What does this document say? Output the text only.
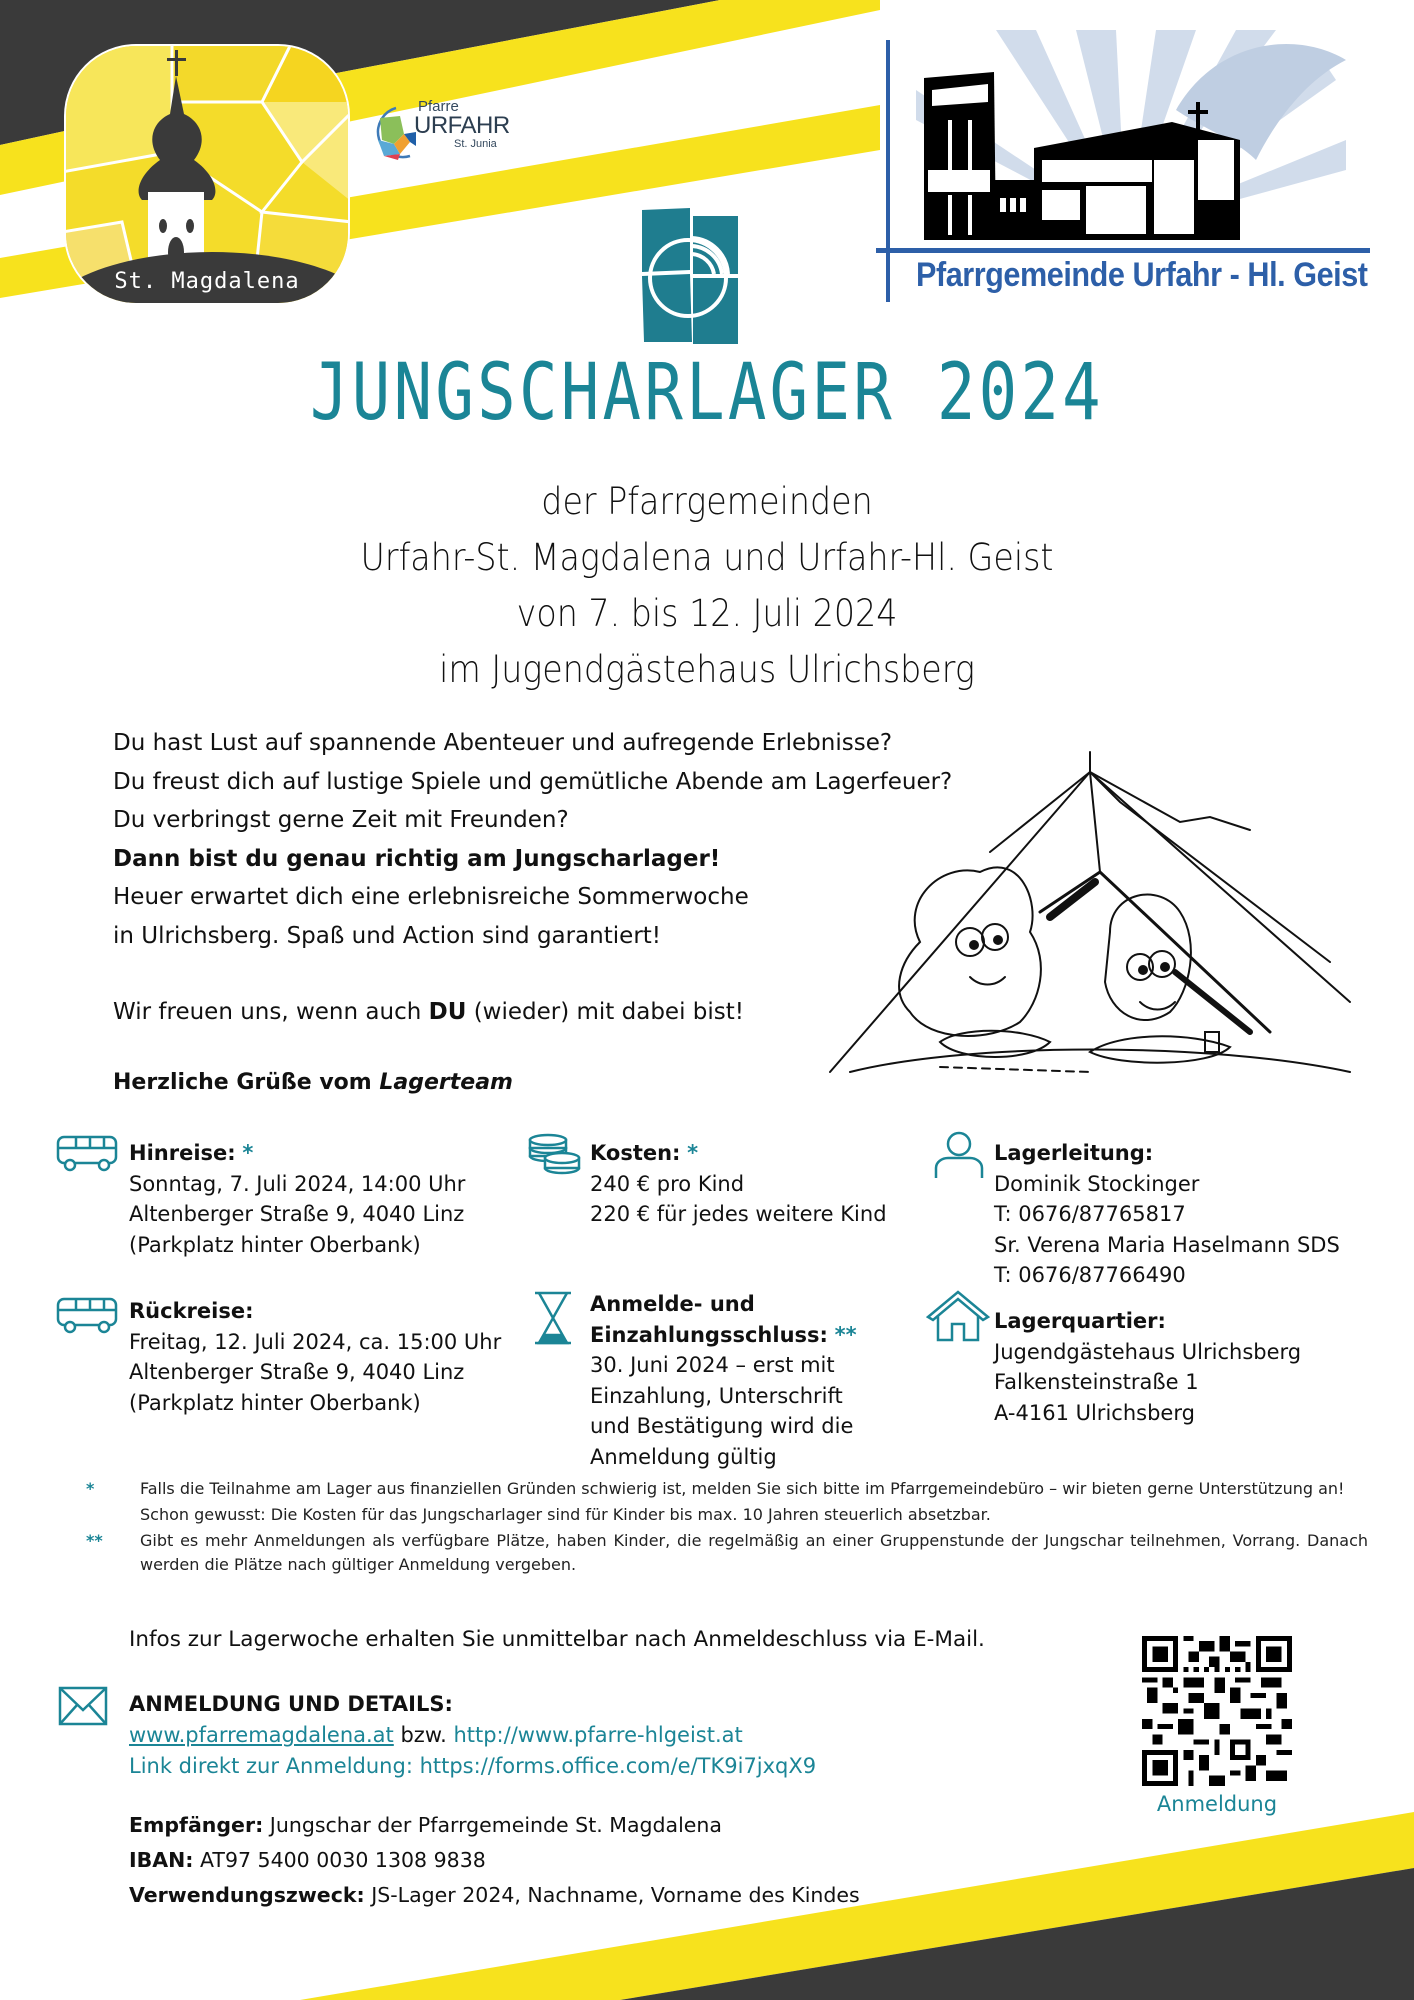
St. Magdalena
Pfarre
URFAHR
St. Junia
Pfarrgemeinde Urfahr - Hl. Geist
JUNGSCHARLAGER 2024
der Pfarrgemeinden
Urfahr-St. Magdalena und Urfahr-Hl. Geist
von 7. bis 12. Juli 2024
im Jugendgästehaus Ulrichsberg

Du hast Lust auf spannende Abenteuer und aufregende Erlebnisse?

Du freust dich auf lustige Spiele und gemütliche Abende am Lagerfeuer?

Du verbringst gerne Zeit mit Freunden?

Dann bist du genau richtig am Jungscharlager!

Heuer erwartet dich eine erlebnisreiche Sommerwoche

in Ulrichsberg. Spaß und Action sind garantiert!

Wir freuen uns, wenn auch DU (wieder) mit dabei bist!

Herzliche Grüße vom Lagerteam
Hinreise: *
Sonntag, 7. Juli 2024, 14:00 Uhr
Altenberger Straße 9, 4040 Linz
(Parkplatz hinter Oberbank)
Rückreise:
Freitag, 12. Juli 2024, ca. 15:00 Uhr
Altenberger Straße 9, 4040 Linz
(Parkplatz hinter Oberbank)
Kosten: *
240 € pro Kind
220 € für jedes weitere Kind
Anmelde- und
Einzahlungsschluss: **
30. Juni 2024 – erst mit
Einzahlung, Unterschrift
und Bestätigung wird die
Anmeldung gültig
Lagerleitung:
Dominik Stockinger
T: 0676/87765817
Sr. Verena Maria Haselmann SDS
T: 0676/87766490
Lagerquartier:
Jugendgästehaus Ulrichsberg
Falkensteinstraße 1
A-4161 Ulrichsberg
*	Falls die Teilnahme am Lager aus finanziellen Gründen schwierig ist, melden Sie sich bitte im Pfarrgemeindebüro – wir bieten gerne Unterstützung an!
Schon gewusst: Die Kosten für das Jungscharlager sind für Kinder bis max. 10 Jahren steuerlich absetzbar.
**	Gibt es mehr Anmeldungen als verfügbare Plätze, haben Kinder, die regelmäßig an einer Gruppenstunde der Jungschar teilnehmen, Vorrang. Danach werden die Plätze nach gültiger Anmeldung vergeben.
Infos zur Lagerwoche erhalten Sie unmittelbar nach Anmeldeschluss via E-Mail.
ANMELDUNG UND DETAILS:
www.pfarremagdalena.at bzw. http://www.pfarre-hlgeist.at
Link direkt zur Anmeldung: https://forms.office.com/e/TK9i7jxqX9
Anmeldung
Empfänger: Jungschar der Pfarrgemeinde St. Magdalena
IBAN: AT97 5400 0030 1308 9838
Verwendungszweck: JS-Lager 2024, Nachname, Vorname des Kindes
